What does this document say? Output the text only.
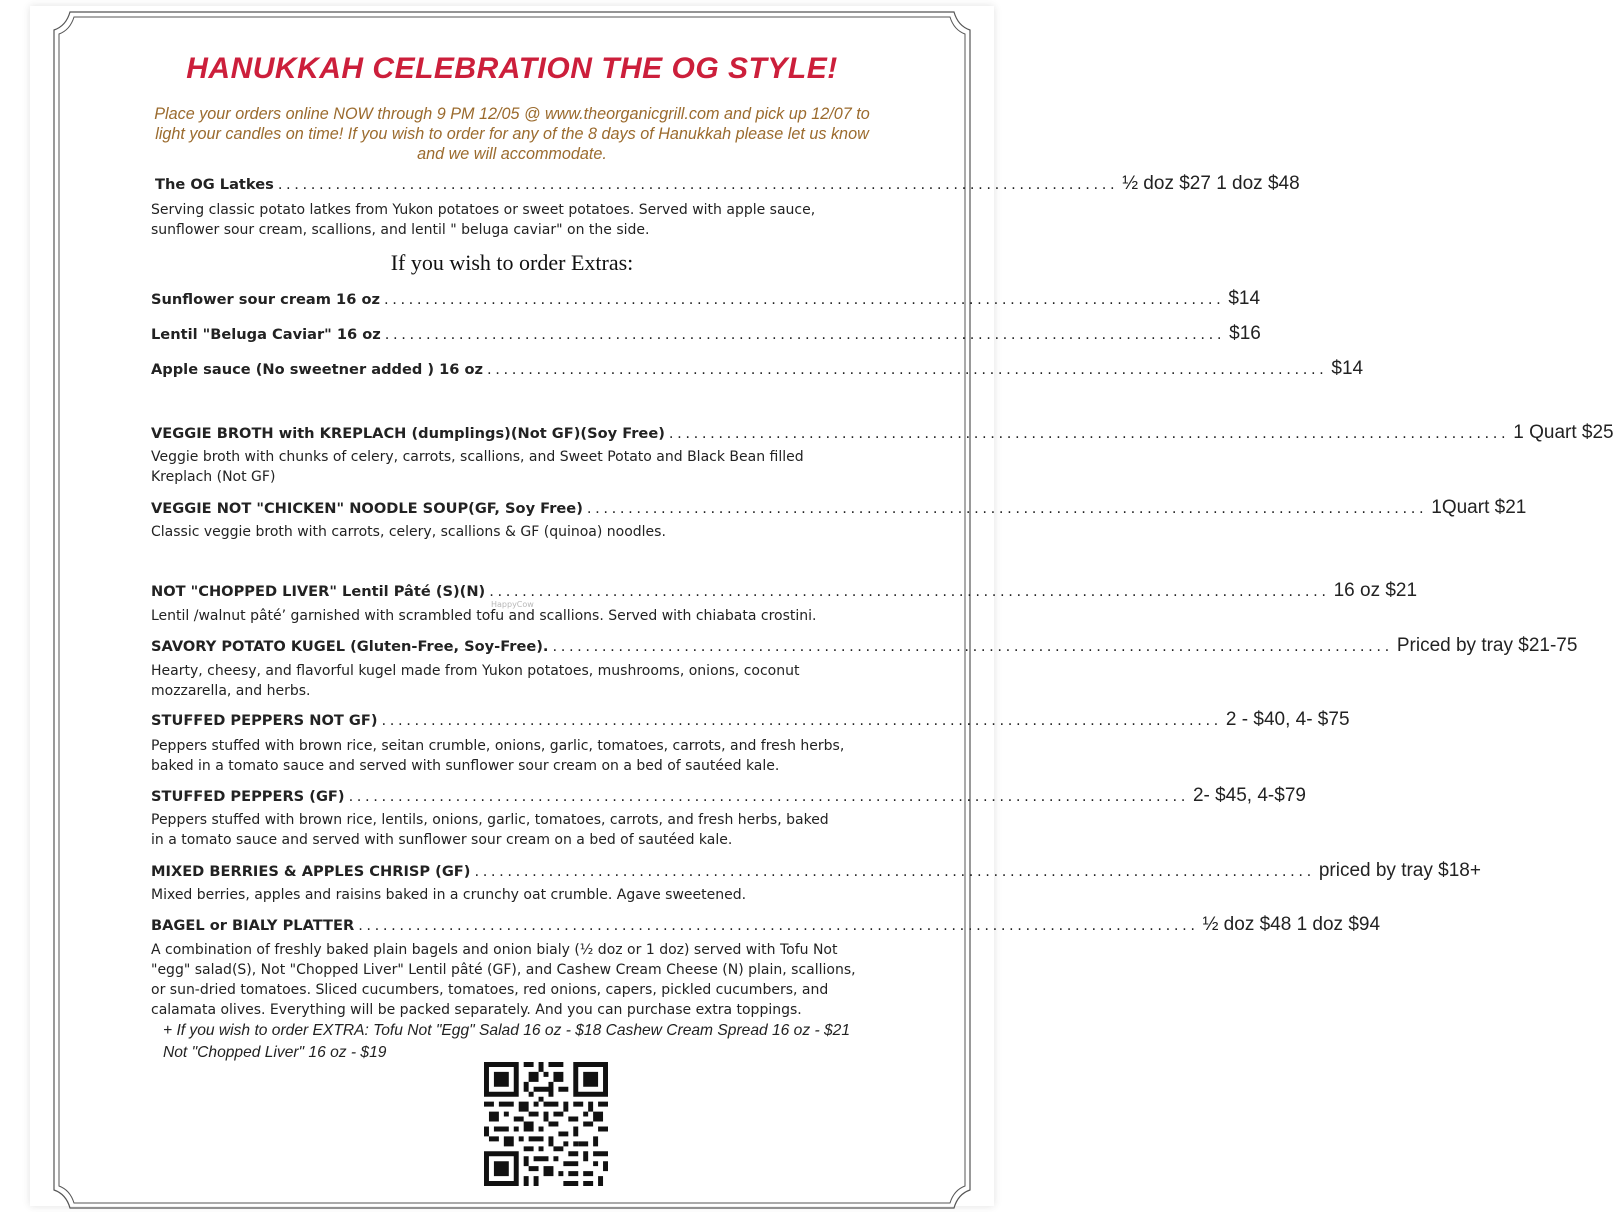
HANUKKAH CELEBRATION THE OG STYLE!
Place your orders online NOW through 9 PM 12/05 @ www.theorganicgrill.com and pick up 12/07 to light your candles on time! If you wish to order for any of the 8 days of Hanukkah please let us know and we will accommodate.
The OG Latkes ...................................................................................................... ½ doz $27 1 doz $48
Serving classic potato latkes from Yukon potatoes or sweet potatoes. Served with apple sauce, sunflower sour cream, scallions, and lentil " beluga caviar" on the side.
If you wish to order Extras:
Sunflower sour cream 16 oz ...................................................................................................... $14
Lentil "Beluga Caviar" 16 oz ...................................................................................................... $16
Apple sauce (No sweetner added ) 16 oz ...................................................................................................... $14
VEGGIE BROTH with KREPLACH (dumplings)(Not GF)(Soy Free) ...................................................................................................... 1 Quart $25
Veggie broth with chunks of celery, carrots, scallions, and Sweet Potato and Black Bean filled
Kreplach (Not GF)
VEGGIE NOT "CHICKEN" NOODLE SOUP(GF, Soy Free) ...................................................................................................... 1Quart $21
Classic veggie broth with carrots, celery, scallions & GF (quinoa) noodles.
NOT "CHOPPED LIVER" Lentil Pâté (S)(N) ...................................................................................................... 16 oz $21
Lentil /walnut pâté’ garnished with scrambled tofu and scallions. Served with chiabata crostini.
HappyCow
SAVORY POTATO KUGEL (Gluten-Free, Soy-Free). ...................................................................................................... Priced by tray $21-75
Hearty, cheesy, and flavorful kugel made from Yukon potatoes, mushrooms, onions, coconut
mozzarella, and herbs.
STUFFED PEPPERS NOT GF) ...................................................................................................... 2 - $40, 4- $75
Peppers stuffed with brown rice, seitan crumble, onions, garlic, tomatoes, carrots, and fresh herbs,
baked in a tomato sauce and served with sunflower sour cream on a bed of sautéed kale.
STUFFED PEPPERS (GF) ...................................................................................................... 2- $45, 4-$79
Peppers stuffed with brown rice, lentils, onions, garlic, tomatoes, carrots, and fresh herbs, baked
in a tomato sauce and served with sunflower sour cream on a bed of sautéed kale.
MIXED BERRIES & APPLES CHRISP (GF) ...................................................................................................... priced by tray $18+
Mixed berries, apples and raisins baked in a crunchy oat crumble. Agave sweetened.
BAGEL or BIALY PLATTER ...................................................................................................... ½ doz $48 1 doz $94
A combination of freshly baked plain bagels and onion bialy (½ doz or 1 doz) served with Tofu Not
"egg" salad(S), Not "Chopped Liver" Lentil pâté (GF), and Cashew Cream Cheese (N) plain, scallions,
or sun-dried tomatoes. Sliced cucumbers, tomatoes, red onions, capers, pickled cucumbers, and
calamata olives. Everything will be packed separately. And you can purchase extra toppings.
+ If you wish to order EXTRA: Tofu Not "Egg" Salad 16 oz - $18 Cashew Cream Spread 16 oz - $21 Not "Chopped Liver" 16 oz - $19
